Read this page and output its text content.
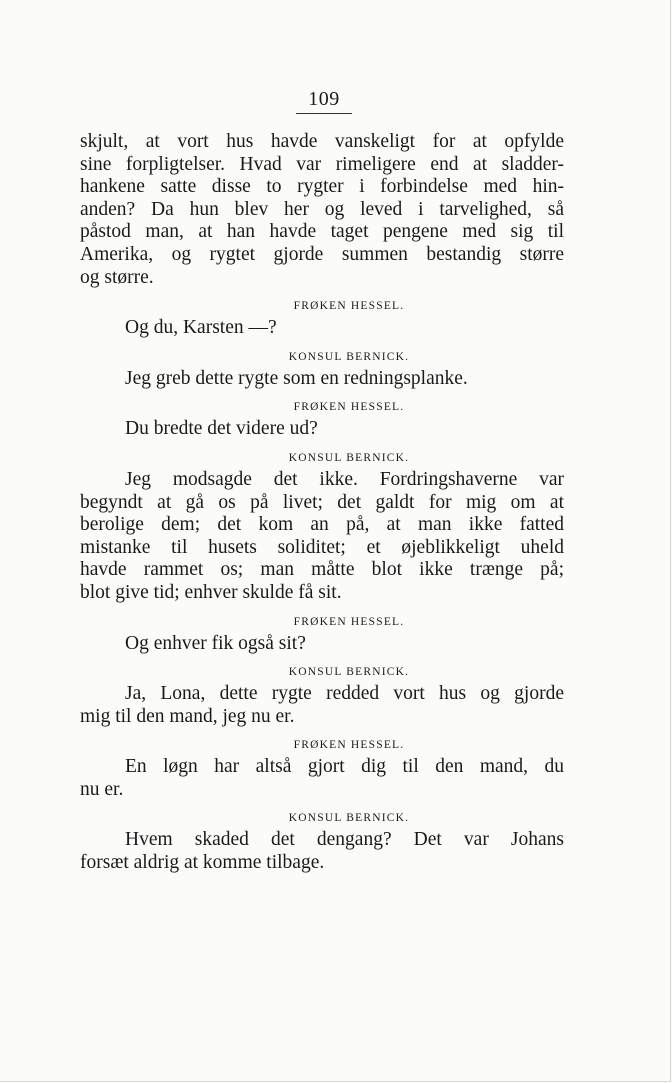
109
skjult, at vort hus havde vanskeligt for at opfylde
sine forpligtelser. Hvad var rimeligere end at sladder-
hankene satte disse to rygter i forbindelse med hin-
anden? Da hun blev her og leved i tarvelighed, så
påstod man, at han havde taget pengene med sig til
Amerika, og rygtet gjorde summen bestandig større
og større.
FRØKEN HESSEL.
Og du, Karsten —?
KONSUL BERNICK.
Jeg greb dette rygte som en redningsplanke.
FRØKEN HESSEL.
Du bredte det videre ud?
KONSUL BERNICK.
Jeg modsagde det ikke. Fordringshaverne var
begyndt at gå os på livet; det galdt for mig om at
berolige dem; det kom an på, at man ikke fatted
mistanke til husets soliditet; et øjeblikkeligt uheld
havde rammet os; man måtte blot ikke trænge på;
blot give tid; enhver skulde få sit.
FRØKEN HESSEL.
Og enhver fik også sit?
KONSUL BERNICK.
Ja, Lona, dette rygte redded vort hus og gjorde
mig til den mand, jeg nu er.
FRØKEN HESSEL.
En løgn har altså gjort dig til den mand, du
nu er.
KONSUL BERNICK.
Hvem skaded det dengang? Det var Johans
forsæt aldrig at komme tilbage.
